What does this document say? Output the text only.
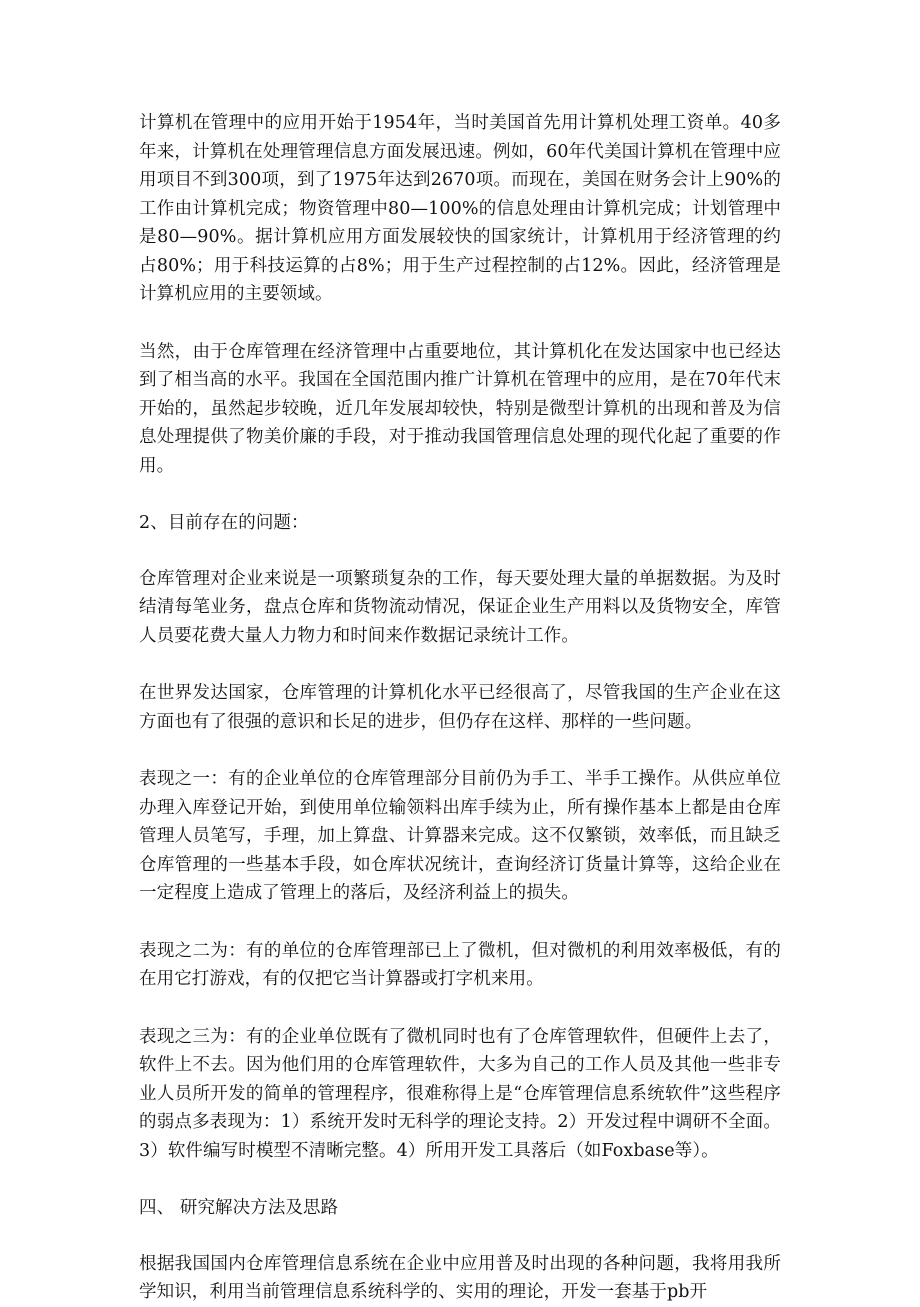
计算机在管理中的应用开始于1954年，当时美国首先用计算机处理工资单。40多年来，计算机在处理管理信息方面发展迅速。例如，60年代美国计算机在管理中应用项目不到300项，到了1975年达到2670项。而现在，美国在财务会计上90%的工作由计算机完成；物资管理中80—100%的信息处理由计算机完成；计划管理中是80—90%。据计算机应用方面发展较快的国家统计，计算机用于经济管理的约占80%；用于科技运算的占8%；用于生产过程控制的占12%。因此，经济管理是计算机应用的主要领域。

当然，由于仓库管理在经济管理中占重要地位，其计算机化在发达国家中也已经达到了相当高的水平。我国在全国范围内推广计算机在管理中的应用，是在70年代末开始的，虽然起步较晚，近几年发展却较快，特别是微型计算机的出现和普及为信息处理提供了物美价廉的手段，对于推动我国管理信息处理的现代化起了重要的作用。

2、目前存在的问题：

仓库管理对企业来说是一项繁琐复杂的工作，每天要处理大量的单据数据。为及时结清每笔业务，盘点仓库和货物流动情况，保证企业生产用料以及货物安全，库管人员要花费大量人力物力和时间来作数据记录统计工作。

在世界发达国家，仓库管理的计算机化水平已经很高了，尽管我国的生产企业在这方面也有了很强的意识和长足的进步，但仍存在这样、那样的一些问题。

表现之一：有的企业单位的仓库管理部分目前仍为手工、半手工操作。从供应单位办理入库登记开始，到使用单位输领料出库手续为止，所有操作基本上都是由仓库管理人员笔写，手理，加上算盘、计算器来完成。这不仅繁锁，效率低，而且缺乏仓库管理的一些基本手段，如仓库状况统计，查询经济订货量计算等，这给企业在一定程度上造成了管理上的落后，及经济利益上的损失。

表现之二为：有的单位的仓库管理部已上了微机，但对微机的利用效率极低，有的在用它打游戏，有的仅把它当计算器或打字机来用。

表现之三为：有的企业单位既有了微机同时也有了仓库管理软件，但硬件上去了，软件上不去。因为他们用的仓库管理软件，大多为自己的工作人员及其他一些非专业人员所开发的简单的管理程序，很难称得上是“仓库管理信息系统软件”这些程序的弱点多表现为：1）系统开发时无科学的理论支持。2）开发过程中调研不全面。3）软件编写时模型不清晰完整。4）所用开发工具落后（如Foxbase等）。

四、 研究解决方法及思路

根据我国国内仓库管理信息系统在企业中应用普及时出现的各种问题，我将用我所学知识，利用当前管理信息系统科学的、实用的理论，开发一套基于pb开
